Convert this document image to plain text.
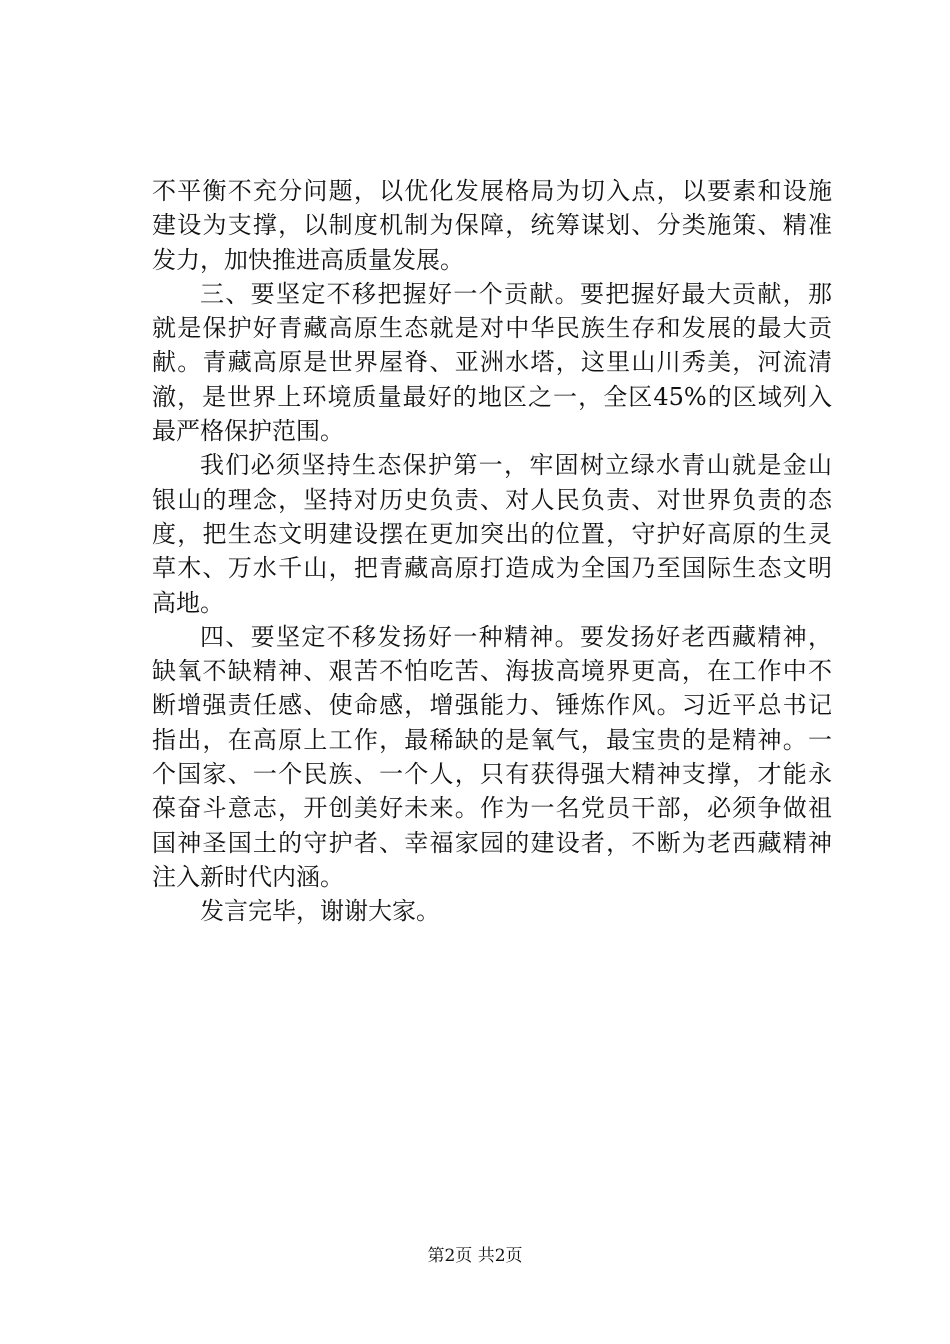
不平衡不充分问题，以优化发展格局为切入点，以要素和设施
建设为支撑，以制度机制为保障，统筹谋划、分类施策、精准
发力，加快推进高质量发展。
三、要坚定不移把握好一个贡献。要把握好最大贡献，那
就是保护好青藏高原生态就是对中华民族生存和发展的最大贡
献。青藏高原是世界屋脊、亚洲水塔，这里山川秀美，河流清
澈，是世界上环境质量最好的地区之一，全区45%的区域列入
最严格保护范围。
我们必须坚持生态保护第一，牢固树立绿水青山就是金山
银山的理念，坚持对历史负责、对人民负责、对世界负责的态
度，把生态文明建设摆在更加突出的位置，守护好高原的生灵
草木、万水千山，把青藏高原打造成为全国乃至国际生态文明
高地。
四、要坚定不移发扬好一种精神。要发扬好老西藏精神，
缺氧不缺精神、艰苦不怕吃苦、海拔高境界更高，在工作中不
断增强责任感、使命感，增强能力、锤炼作风。习近平总书记
指出，在高原上工作，最稀缺的是氧气，最宝贵的是精神。一
个国家、一个民族、一个人，只有获得强大精神支撑，才能永
葆奋斗意志，开创美好未来。作为一名党员干部，必须争做祖
国神圣国土的守护者、幸福家园的建设者，不断为老西藏精神
注入新时代内涵。
发言完毕，谢谢大家。
第2页 共2页
